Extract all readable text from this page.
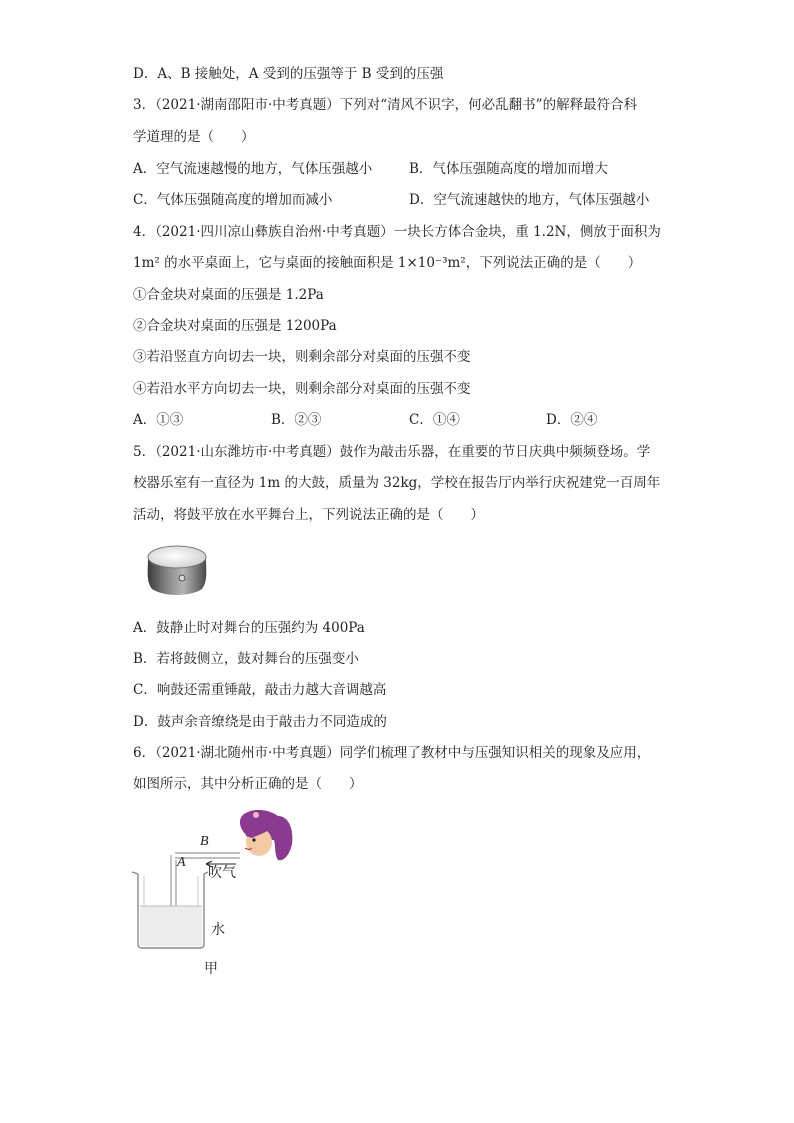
D．A、B 接触处，A 受到的压强等于 B 受到的压强
3．（2021·湖南邵阳市·中考真题）下列对“清风不识字，何必乱翻书”的解释最符合科
学道理的是（　　）
A．空气流速越慢的地方，气体压强越小	B．气体压强随高度的增加而增大
C．气体压强随高度的增加而减小	D．空气流速越快的地方，气体压强越小
4．（2021·四川凉山彝族自治州·中考真题）一块长方体合金块，重 1.2N，侧放于面积为
1m² 的水平桌面上，它与桌面的接触面积是 1×10⁻³m²，下列说法正确的是（　　）
①合金块对桌面的压强是 1.2Pa
②合金块对桌面的压强是 1200Pa
③若沿竖直方向切去一块，则剩余部分对桌面的压强不变
④若沿水平方向切去一块，则剩余部分对桌面的压强不变
A．①③	B．②③	C．①④	D．②④
5．（2021·山东潍坊市·中考真题）鼓作为敲击乐器，在重要的节日庆典中频频登场。学
校器乐室有一直径为 1m 的大鼓，质量为 32kg，学校在报告厅内举行庆祝建党一百周年
活动，将鼓平放在水平舞台上，下列说法正确的是（　　）
A．鼓静止时对舞台的压强约为 400Pa
B．若将鼓侧立，鼓对舞台的压强变小
C．响鼓还需重锤敲，敲击力越大音调越高
D．鼓声余音缭绕是由于敲击力不同造成的
6．（2021·湖北随州市·中考真题）同学们梳理了教材中与压强知识相关的现象及应用，
如图所示，其中分析正确的是（　　）
B
A
吹气
水
甲
